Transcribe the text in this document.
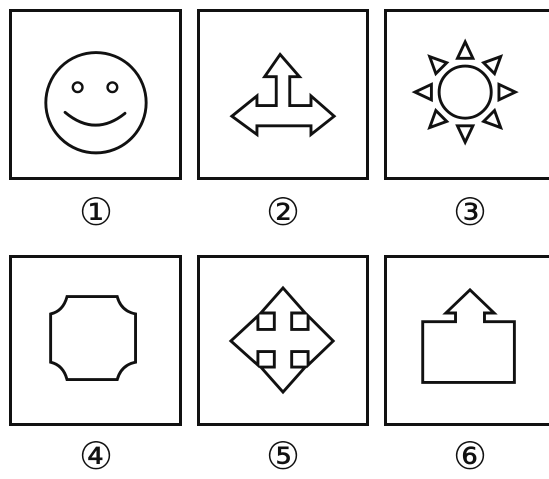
①	②	③
④	⑤	⑥
